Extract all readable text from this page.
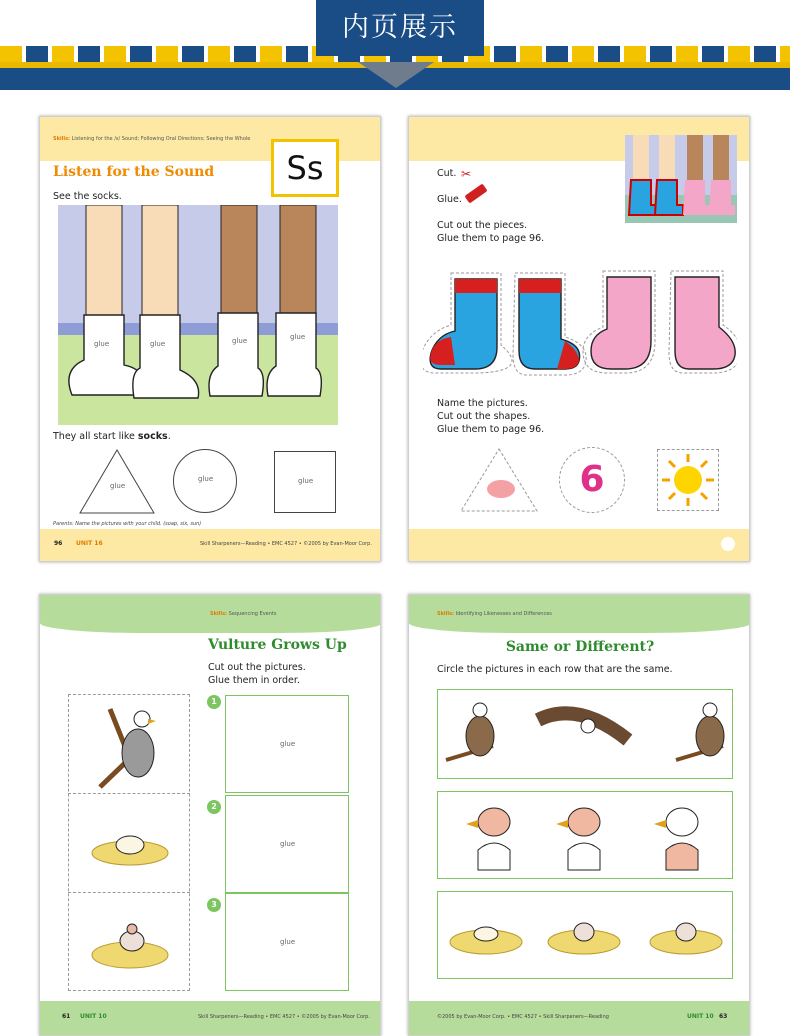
内页展示
Skills: Listening for the /s/ Sound; Following Oral Directions; Seeing the Whole
Listen for the Sound	Ss
See the socks.
glue	glue	glue	glue
They all start like socks.
glue
glue	glue
Parents: Name the pictures with your child. (soap, six, sun)
96 UNIT 16	Skill Sharpeners—Reading • EMC 4527 • ©2005 by Evan-Moor Corp.
Cut. ✂
Glue.
Cut out the pieces.
Glue them to page 96.
Name the pictures.
Cut out the shapes.
Glue them to page 96.
6
Skills: Sequencing Events
Vulture Grows Up
Cut out the pictures.
Glue them in order.
1
2
3
glue
glue
glue
61 UNIT 10	Skill Sharpeners—Reading • EMC 4527 • ©2005 by Evan-Moor Corp.
Skills: Identifying Likenesses and Differences
Same or Different?
Circle the pictures in each row that are the same.
©2005 by Evan-Moor Corp. • EMC 4527 • Skill Sharpeners—Reading	UNIT 10 63
